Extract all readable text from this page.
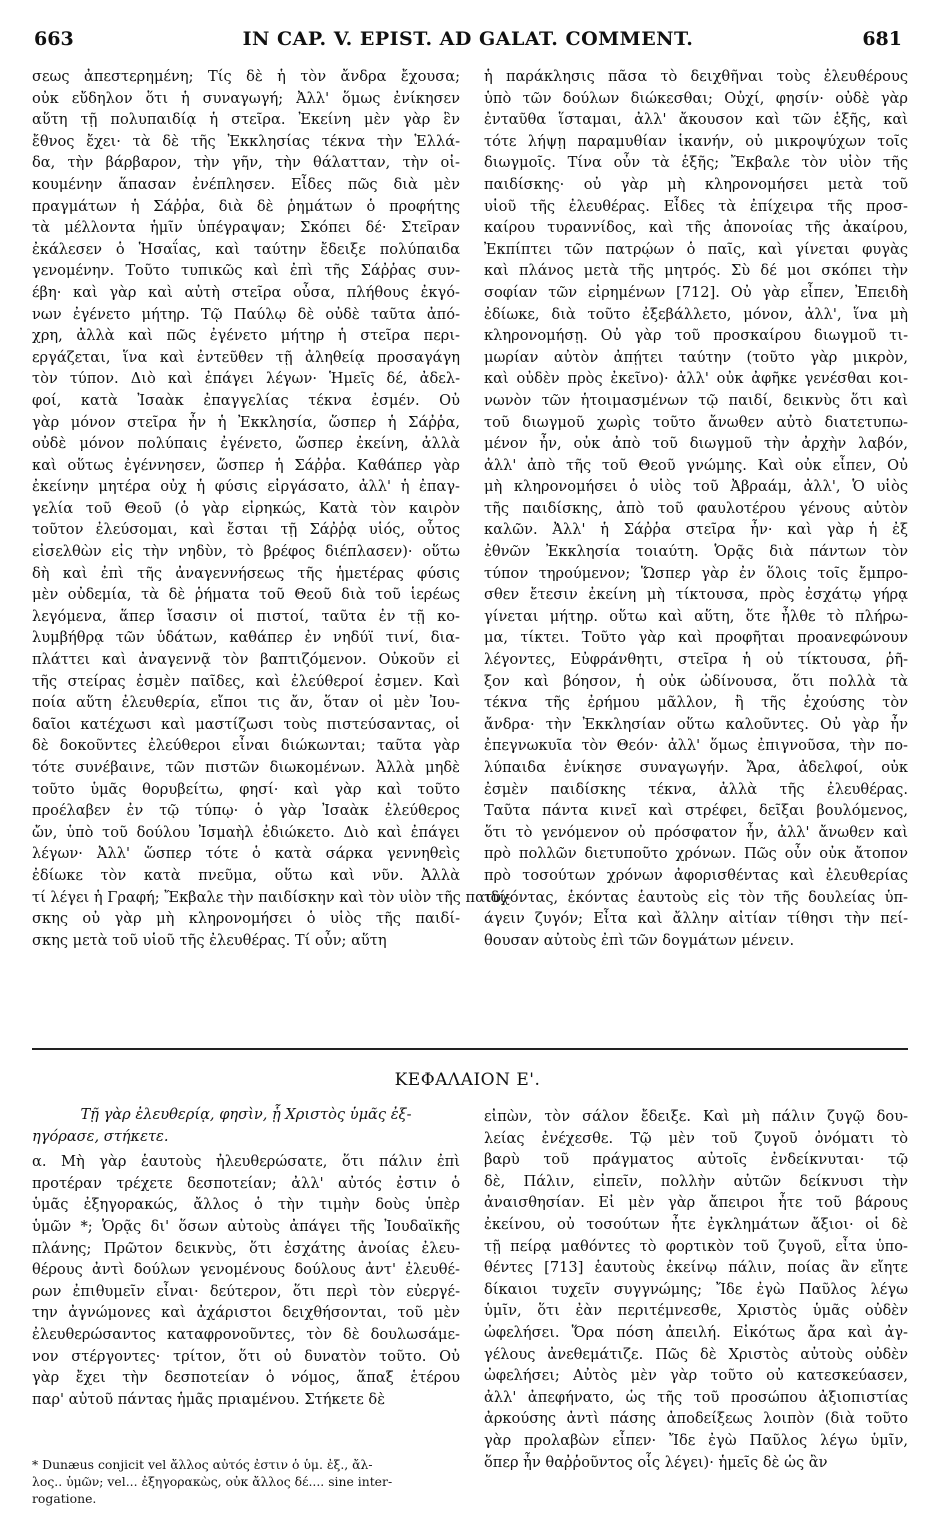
663	IN CAP. V. EPIST. AD GALAT. COMMENT.	681
σεως ἀπεστερημένη; Τίς δὲ ἡ τὸν ἄνδρα ἔχουσα;
οὐκ εὔδηλον ὅτι ἡ συναγωγή; Ἀλλ' ὅμως ἐνίκησεν
αὕτη τῇ πολυπαιδίᾳ ἡ στεῖρα. Ἐκείνη μὲν γὰρ ἓν
ἔθνος ἔχει· τὰ δὲ τῆς Ἐκκλησίας τέκνα τὴν Ἑλλά-
δα, τὴν βάρβαρον, τὴν γῆν, τὴν θάλατταν, τὴν οἰ-
κουμένην ἅπασαν ἐνέπλησεν. Εἶδες πῶς διὰ μὲν
πραγμάτων ἡ Σάῤῥα, διὰ δὲ ῥημάτων ὁ προφήτης
τὰ μέλλοντα ἡμῖν ὑπέγραψαν; Σκόπει δέ· Στεῖραν
ἐκάλεσεν ὁ Ἡσαΐας, καὶ ταύτην ἔδειξε πολύπαιδα
γενομένην. Τοῦτο τυπικῶς καὶ ἐπὶ τῆς Σάῤῥας συν-
έβη· καὶ γὰρ καὶ αὐτὴ στεῖρα οὖσα, πλήθους ἐκγό-
νων ἐγένετο μήτηρ. Τῷ Παύλῳ δὲ οὐδὲ ταῦτα ἀπό-
χρη, ἀλλὰ καὶ πῶς ἐγένετο μήτηρ ἡ στεῖρα περι-
εργάζεται, ἵνα καὶ ἐντεῦθεν τῇ ἀληθείᾳ προσαγάγη
τὸν τύπον. Διὸ καὶ ἐπάγει λέγων· Ἡμεῖς δέ, ἀδελ-
φοί, κατὰ Ἰσαὰκ ἐπαγγελίας τέκνα ἐσμέν. Οὐ
γὰρ μόνον στεῖρα ἦν ἡ Ἐκκλησία, ὥσπερ ἡ Σάῤῥα,
οὐδὲ μόνον πολύπαις ἐγένετο, ὥσπερ ἐκείνη, ἀλλὰ
καὶ οὕτως ἐγέννησεν, ὥσπερ ἡ Σάῤῥα. Καθάπερ γὰρ
ἐκείνην μητέρα οὐχ ἡ φύσις εἰργάσατο, ἀλλ' ἡ ἐπαγ-
γελία τοῦ Θεοῦ (ὁ γὰρ εἰρηκώς, Κατὰ τὸν καιρὸν
τοῦτον ἐλεύσομαι, καὶ ἔσται τῇ Σάῤῥᾳ υἱός, οὗτος
εἰσελθὼν εἰς τὴν νηδὺν, τὸ βρέφος διέπλασεν)· οὕτω
δὴ καὶ ἐπὶ τῆς ἀναγεννήσεως τῆς ἡμετέρας φύσις
μὲν οὐδεμία, τὰ δὲ ῥήματα τοῦ Θεοῦ διὰ τοῦ ἱερέως
λεγόμενα, ἅπερ ἴσασιν οἱ πιστοί, ταῦτα ἐν τῇ κο-
λυμβήθρᾳ τῶν ὑδάτων, καθάπερ ἐν νηδύϊ τινί, δια-
πλάττει καὶ ἀναγεννᾷ τὸν βαπτιζόμενον. Οὐκοῦν εἰ
τῆς στείρας ἐσμὲν παῖδες, καὶ ἐλεύθεροί ἐσμεν. Καὶ
ποία αὕτη ἐλευθερία, εἴποι τις ἄν, ὅταν οἱ μὲν Ἰου-
δαῖοι κατέχωσι καὶ μαστίζωσι τοὺς πιστεύσαντας, οἱ
δὲ δοκοῦντες ἐλεύθεροι εἶναι διώκωνται; ταῦτα γὰρ
τότε συνέβαινε, τῶν πιστῶν διωκομένων. Ἀλλὰ μηδὲ
τοῦτο ὑμᾶς θορυβείτω, φησί· καὶ γὰρ καὶ τοῦτο
προέλαβεν ἐν τῷ τύπῳ· ὁ γὰρ Ἰσαὰκ ἐλεύθερος
ὤν, ὑπὸ τοῦ δούλου Ἰσμαὴλ ἐδιώκετο. Διὸ καὶ ἐπάγει
λέγων· Ἀλλ' ὥσπερ τότε ὁ κατὰ σάρκα γεννηθεὶς
ἐδίωκε τὸν κατὰ πνεῦμα, οὕτω καὶ νῦν. Ἀλλὰ
τί λέγει ἡ Γραφή; Ἔκβαλε τὴν παιδίσκην καὶ τὸν υἱὸν τῆς παιδί-
σκης οὐ γὰρ μὴ κληρονομήσει ὁ υἱὸς τῆς παιδί-
σκης μετὰ τοῦ υἱοῦ τῆς ἐλευθέρας. Τί οὖν; αὕτη
ἡ παράκλησις πᾶσα τὸ δειχθῆναι τοὺς ἐλευθέρους
ὑπὸ τῶν δούλων διώκεσθαι; Οὐχί, φησίν· οὐδὲ γὰρ
ἐνταῦθα ἵσταμαι, ἀλλ' ἄκουσον καὶ τῶν ἑξῆς, καὶ
τότε λήψῃ παραμυθίαν ἱκανήν, οὐ μικροψύχων τοῖς
διωγμοῖς. Τίνα οὖν τὰ ἑξῆς; Ἔκβαλε τὸν υἱὸν τῆς
παιδίσκης· οὐ γὰρ μὴ κληρονομήσει μετὰ τοῦ
υἱοῦ τῆς ἐλευθέρας. Εἶδες τὰ ἐπίχειρα τῆς προσ-
καίρου τυραννίδος, καὶ τῆς ἀπονοίας τῆς ἀκαίρου,
Ἐκπίπτει τῶν πατρῴων ὁ παῖς, καὶ γίνεται φυγὰς
καὶ πλάνος μετὰ τῆς μητρός. Σὺ δέ μοι σκόπει τὴν
σοφίαν τῶν εἰρημένων [712]. Οὐ γὰρ εἶπεν, Ἐπειδὴ
ἐδίωκε, διὰ τοῦτο ἐξεβάλλετο, μόνον, ἀλλ', ἵνα μὴ
κληρονομήσῃ. Οὐ γὰρ τοῦ προσκαίρου διωγμοῦ τι-
μωρίαν αὐτὸν ἀπῄτει ταύτην (τοῦτο γὰρ μικρὸν,
καὶ οὐδὲν πρὸς ἐκεῖνο)· ἀλλ' οὐκ ἀφῆκε γενέσθαι κοι-
νωνὸν τῶν ἡτοιμασμένων τῷ παιδί, δεικνὺς ὅτι καὶ
τοῦ διωγμοῦ χωρὶς τοῦτο ἄνωθεν αὐτὸ διατετυπω-
μένον ἦν, οὐκ ἀπὸ τοῦ διωγμοῦ τὴν ἀρχὴν λαβόν,
ἀλλ' ἀπὸ τῆς τοῦ Θεοῦ γνώμης. Καὶ οὐκ εἶπεν, Οὐ
μὴ κληρονομήσει ὁ υἱὸς τοῦ Ἀβραάμ, ἀλλ', Ὁ υἱὸς
τῆς παιδίσκης, ἀπὸ τοῦ φαυλοτέρου γένους αὐτὸν
καλῶν. Ἀλλ' ἡ Σάῤῥα στεῖρα ἦν· καὶ γὰρ ἡ ἐξ
ἐθνῶν Ἐκκλησία τοιαύτη. Ὁρᾷς διὰ πάντων τὸν
τύπον τηρούμενον; Ὥσπερ γὰρ ἐν ὅλοις τοῖς ἔμπρο-
σθεν ἔτεσιν ἐκείνη μὴ τίκτουσα, πρὸς ἐσχάτῳ γήρᾳ
γίνεται μήτηρ. οὕτω καὶ αὕτη, ὅτε ἦλθε τὸ πλήρω-
μα, τίκτει. Τοῦτο γὰρ καὶ προφῆται προανεφώνουν
λέγοντες, Εὐφράνθητι, στεῖρα ἡ οὐ τίκτουσα, ῥῆ-
ξον καὶ βόησον, ἡ οὐκ ὠδίνουσα, ὅτι πολλὰ τὰ
τέκνα τῆς ἐρήμου μᾶλλον, ἢ τῆς ἐχούσης τὸν
ἄνδρα· τὴν Ἐκκλησίαν οὕτω καλοῦντες. Οὐ γὰρ ἦν
ἐπεγνωκυῖα τὸν Θεόν· ἀλλ' ὅμως ἐπιγνοῦσα, τὴν πο-
λύπαιδα ἐνίκησε συναγωγήν. Ἄρα, ἀδελφοί, οὐκ
ἐσμὲν παιδίσκης τέκνα, ἀλλὰ τῆς ἐλευθέρας.
Ταῦτα πάντα κινεῖ καὶ στρέφει, δεῖξαι βουλόμενος,
ὅτι τὸ γενόμενον οὐ πρόσφατον ἦν, ἀλλ' ἄνωθεν καὶ
πρὸ πολλῶν διετυποῦτο χρόνων. Πῶς οὖν οὐκ ἄτοπον
πρὸ τοσούτων χρόνων ἀφορισθέντας καὶ ἐλευθερίας
τυχόντας, ἑκόντας ἑαυτοὺς εἰς τὸν τῆς δουλείας ὑπ-
άγειν ζυγόν; Εἶτα καὶ ἄλλην αἰτίαν τίθησι τὴν πεί-
θουσαν αὐτοὺς ἐπὶ τῶν δογμάτων μένειν.
ΚΕΦΑΛΑΙΟΝ Ε'.
Τῇ γὰρ ἐλευθερίᾳ, φησὶν, ᾗ Χριστὸς ὑμᾶς ἐξ-
ηγόρασε, στήκετε.
α. Μὴ γὰρ ἑαυτοὺς ἠλευθερώσατε, ὅτι πάλιν ἐπὶ
προτέραν τρέχετε δεσποτείαν; ἀλλ' αὐτός ἐστιν ὁ
ὑμᾶς ἐξηγορακώς, ἄλλος ὁ τὴν τιμὴν δοὺς ὑπὲρ
ὑμῶν *; Ὁρᾷς δι' ὅσων αὐτοὺς ἀπάγει τῆς Ἰουδαϊκῆς
πλάνης; Πρῶτον δεικνὺς, ὅτι ἐσχάτης ἀνοίας ἐλευ-
θέρους ἀντὶ δούλων γενομένους δούλους ἀντ' ἐλευθέ-
ρων ἐπιθυμεῖν εἶναι· δεύτερον, ὅτι περὶ τὸν εὐεργέ-
την ἀγνώμονες καὶ ἀχάριστοι δειχθήσονται, τοῦ μὲν
ἐλευθερώσαντος καταφρονοῦντες, τὸν δὲ δουλωσάμε-
νον στέργοντες· τρίτον, ὅτι οὐ δυνατὸν τοῦτο. Οὐ
γὰρ ἔχει τὴν δεσποτείαν ὁ νόμος, ἅπαξ ἑτέρου
παρ' αὐτοῦ πάντας ἡμᾶς πριαμένου. Στήκετε δὲ
εἰπὼν, τὸν σάλον ἔδειξε. Καὶ μὴ πάλιν ζυγῷ δου-
λείας ἐνέχεσθε. Τῷ μὲν τοῦ ζυγοῦ ὀνόματι τὸ
βαρὺ τοῦ πράγματος αὐτοῖς ἐνδείκνυται· τῷ
δὲ, Πάλιν, εἰπεῖν, πολλὴν αὐτῶν δείκνυσι τὴν
ἀναισθησίαν. Εἰ μὲν γὰρ ἄπειροι ἦτε τοῦ βάρους
ἐκείνου, οὐ τοσούτων ἦτε ἐγκλημάτων ἄξιοι· οἱ δὲ
τῇ πείρᾳ μαθόντες τὸ φορτικὸν τοῦ ζυγοῦ, εἶτα ὑπο-
θέντες [713] ἑαυτοὺς ἐκείνῳ πάλιν, ποίας ἂν εἴητε
δίκαιοι τυχεῖν συγγνώμης; Ἴδε ἐγὼ Παῦλος λέγω
ὑμῖν, ὅτι ἐὰν περιτέμνεσθε, Χριστὸς ὑμᾶς οὐδὲν
ὠφελήσει. Ὅρα πόση ἀπειλή. Εἰκότως ἄρα καὶ ἀγ-
γέλους ἀνεθεμάτιζε. Πῶς δὲ Χριστὸς αὐτοὺς οὐδὲν
ὠφελήσει; Αὐτὸς μὲν γὰρ τοῦτο οὐ κατεσκεύασεν,
ἀλλ' ἀπεφήνατο, ὡς τῆς τοῦ προσώπου ἀξιοπιστίας
ἀρκούσης ἀντὶ πάσης ἀποδείξεως λοιπὸν (διὰ τοῦτο
γὰρ προλαβὼν εἶπεν· Ἴδε ἐγὼ Παῦλος λέγω ὑμῖν,
ὅπερ ἦν θαῤῥοῦντος οἷς λέγει)· ἡμεῖς δὲ ὡς ἂν
* Dunæus conjicit vel ἄλλος αὐτός ἐστιν ὁ ὑμ. ἐξ., ἄλ-
λος.. ὑμῶν; vel... ἐξηγορακὼς, οὐκ ἄλλος δέ.... sine inter-
rogatione.
